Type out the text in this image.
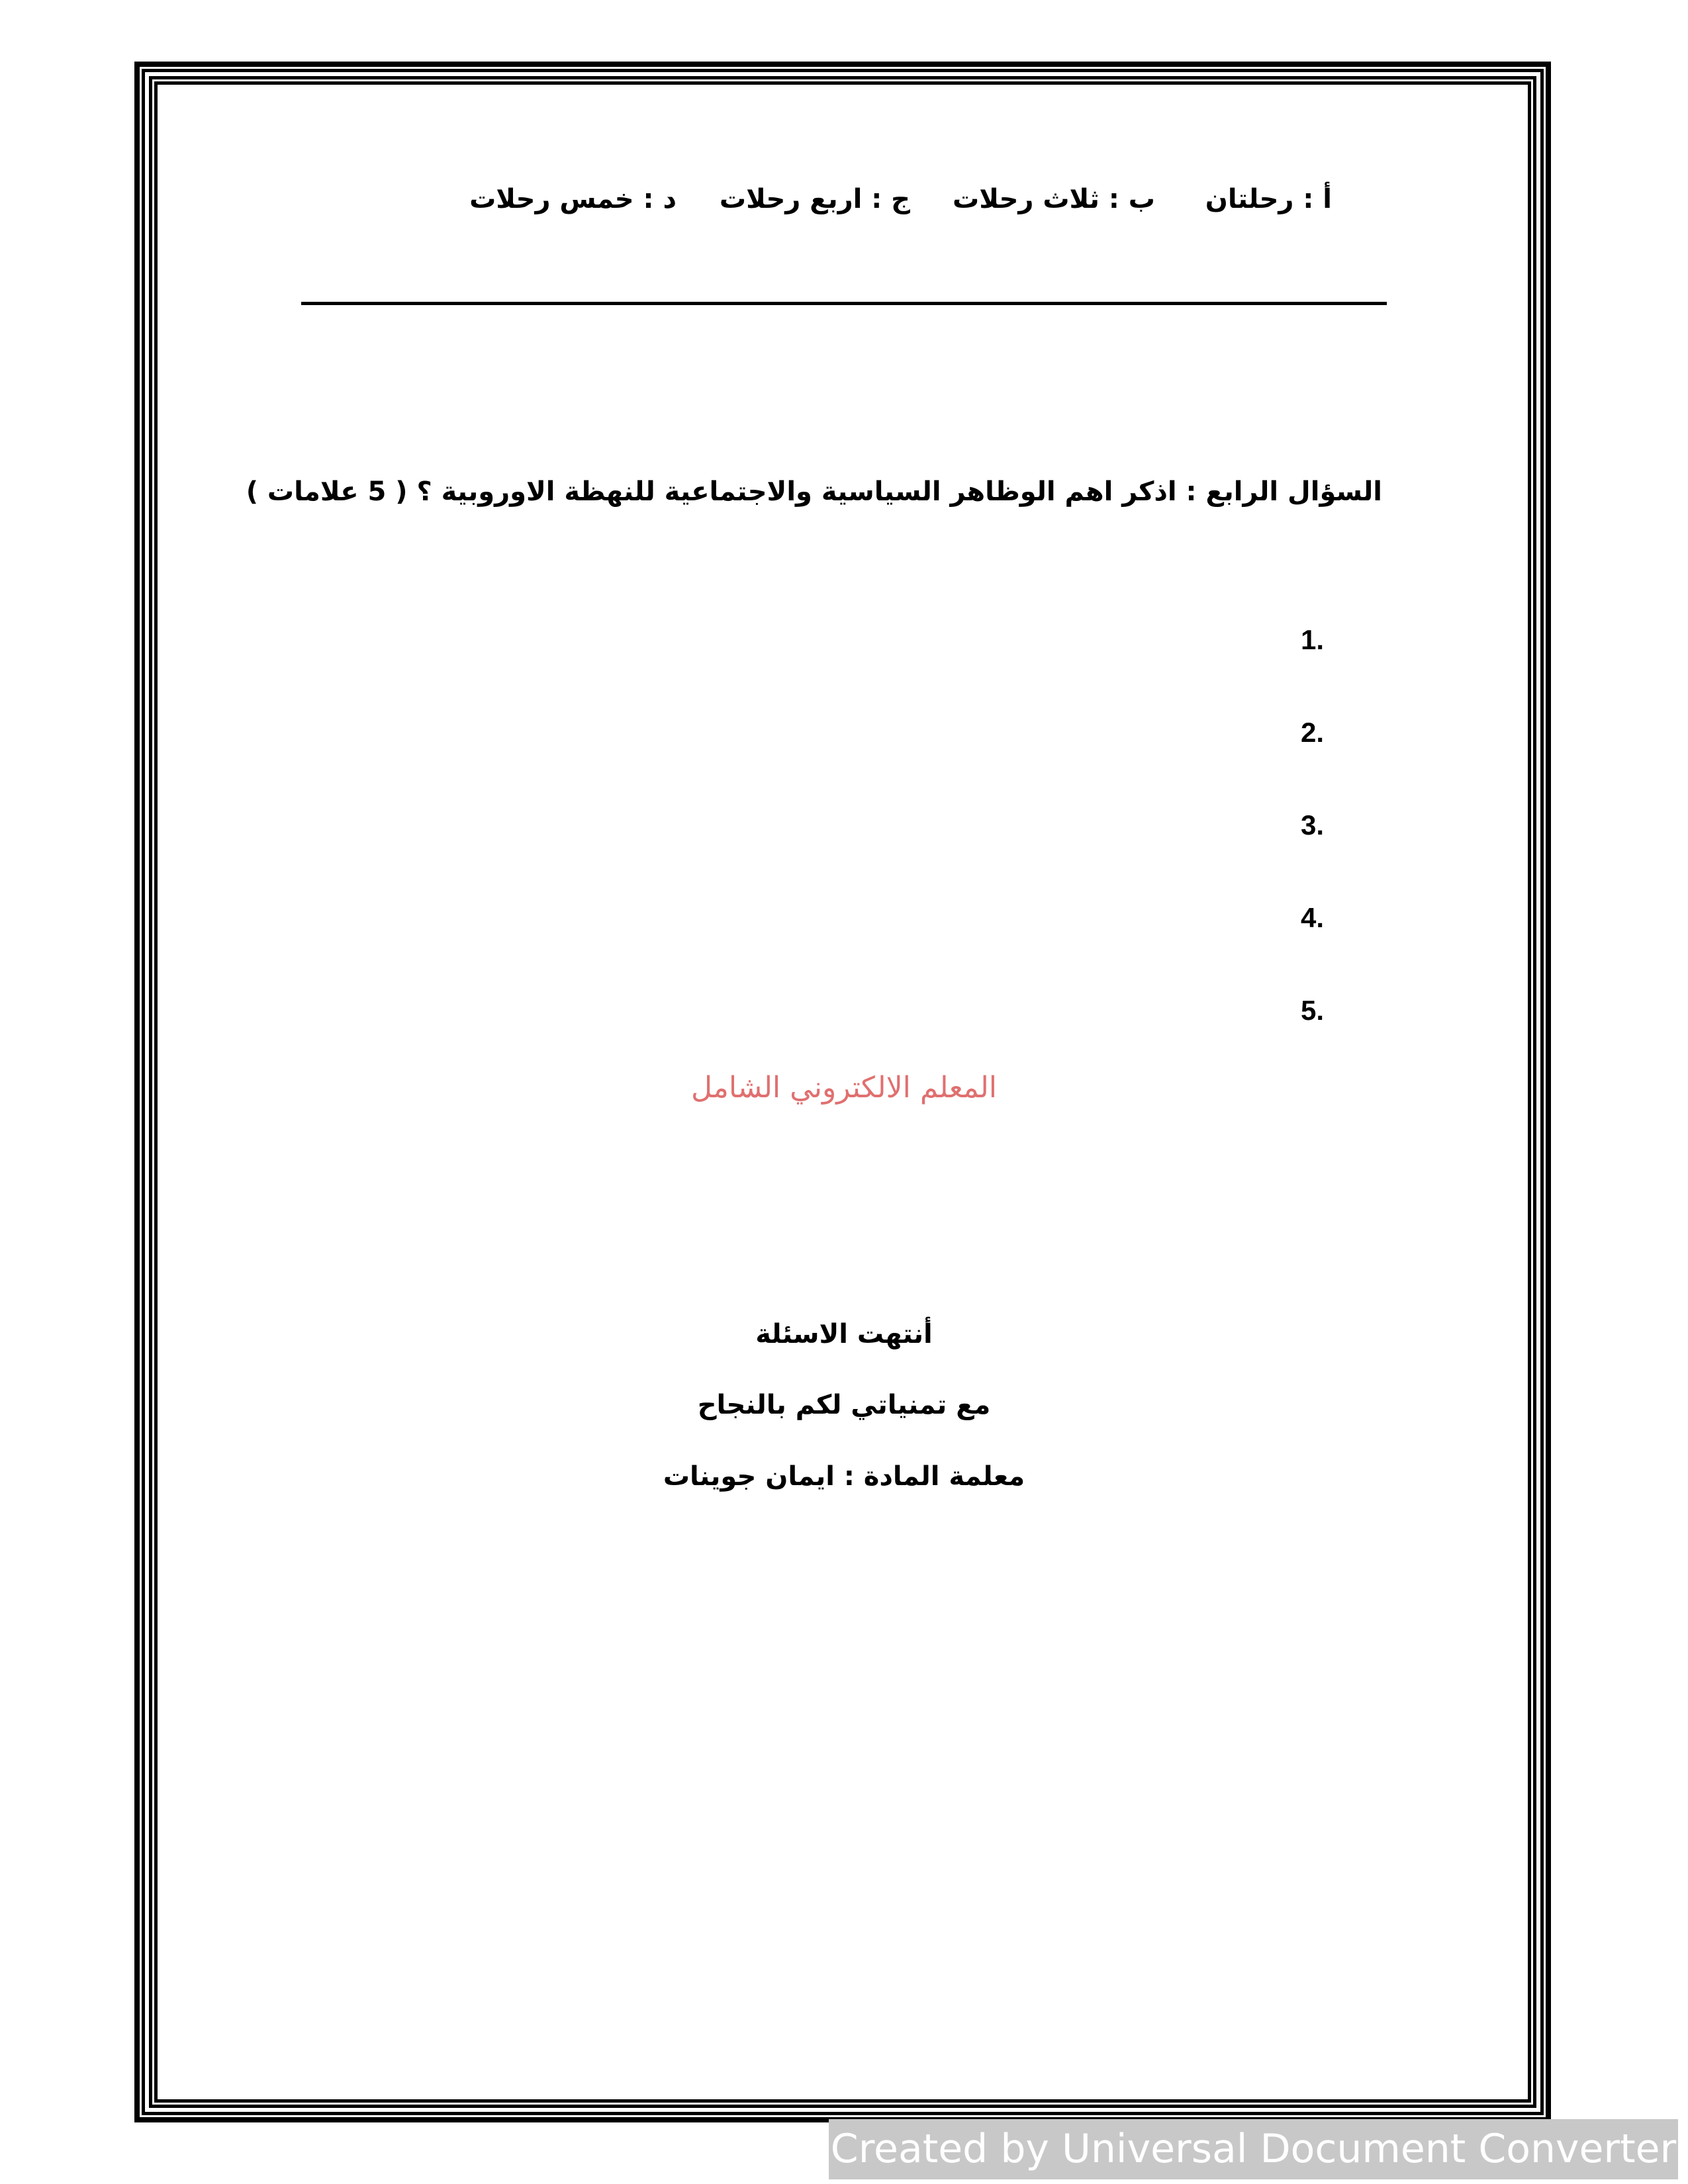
أ : رحلتان
ب : ثلاث رحلات
ج : اربع رحلات
د : خمس رحلات
السؤال الرابع : اذكر اهم الوظاهر السياسية والاجتماعية للنهظة الاوروبية ؟ ( 5 علامات )
1.
2.
3.
4.
5.
المعلم الالكتروني الشامل
أنتهت الاسئلة
مع تمنياتي لكم بالنجاح
معلمة المادة : ايمان جوينات
Created by Universal Document Converter
